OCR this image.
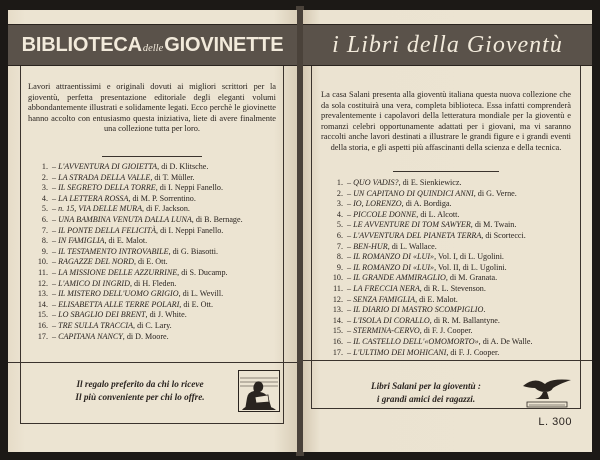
BIBLIOTECAdelleGIOVINETTE

Lavori attraentissimi e originali dovuti ai migliori scrittori per la gioventù, perfetta presentazione editoriale degli eleganti volumi abbondantemente illustrati e solidamente legati. Ecco perchè le giovinette hanno accolto con entusiasmo questa iniziativa, liete di avere finalmente una collezione tutta per loro.

1. – L'AVVENTURA DI GIOIETTA, di D. Klitsche.
2. – LA STRADA DELLA VALLE, di T. Müller.
3. – IL SEGRETO DELLA TORRE, di I. Neppi Fanello.
4. – LA LETTERA ROSSA, di M. P. Sorrentino.
5. – n. 15, VIA DELLE MURA, di F. Jackson.
6. – UNA BAMBINA VENUTA DALLA LUNA, di B. Bernage.
7. – IL PONTE DELLA FELICITÀ, di I. Neppi Fanello.
8. – IN FAMIGLIA, di E. Malot.
9. – IL TESTAMENTO INTROVABILE, di G. Biasotti.
10. – RAGAZZE DEL NORD, di E. Ott.
11. – LA MISSIONE DELLE AZZURRINE, di S. Ducamp.
12. – L'AMICO DI INGRID, di H. Fleden.
13. – IL MISTERO DELL'UOMO GRIGIO, di L. Wevill.
14. – ELISABETTA ALLE TERRE POLARI, di E. Ott.
15. – LO SBAGLIO DEI BRENT, di J. White.
16. – TRE SULLA TRACCIA, di C. Lary.
17. – CAPITANA NANCY, di D. Moore.
Il regalo preferito da chi lo riceve
Il più conveniente per chi lo offre.
i Libri della Gioventù

La casa Salani presenta alla gioventù italiana questa nuova collezione che da sola costituirà una vera, completa biblioteca. Essa infatti comprenderà prevalentemente i capolavori della letteratura mondiale per la gioventù e romanzi celebri opportunamente adattati per i giovani, ma vi saranno raccolti anche lavori destinati a illustrare le grandi figure e i grandi eventi della storia, e gli aspetti più affascinanti della scienza e della tecnica.

1. – QUO VADIS?, di E. Sienkiewicz.
2. – UN CAPITANO DI QUINDICI ANNI, di G. Verne.
3. – IO, LORENZO, di A. Bordiga.
4. – PICCOLE DONNE, di L. Alcott.
5. – LE AVVENTURE DI TOM SAWYER, di M. Twain.
6. – L'AVVENTURA DEL PIANETA TERRA, di Scortecci.
7. – BEN-HUR, di L. Wallace.
8. – IL ROMANZO DI «LUI», Vol. I, di L. Ugolini.
9. – IL ROMANZO DI «LUI», Vol. II, di L. Ugolini.
10. – IL GRANDE AMMIRAGLIO, di M. Granata.
11. – LA FRECCIA NERA, di R. L. Stevenson.
12. – SENZA FAMIGLIA, di E. Malot.
13. – IL DIARIO DI MASTRO SCOMPIGLIO.
14. – L'ISOLA DI CORALLO, di R. M. Ballantyne.
15. – STERMINA-CERVO, di F. J. Cooper.
16. – IL CASTELLO DELL'«OMOMORTO», di A. De Walle.
17. – L'ULTIMO DEI MOHICANI, di F. J. Cooper.
Libri Salani per la gioventù :
i grandi amici dei ragazzi.
L. 300
